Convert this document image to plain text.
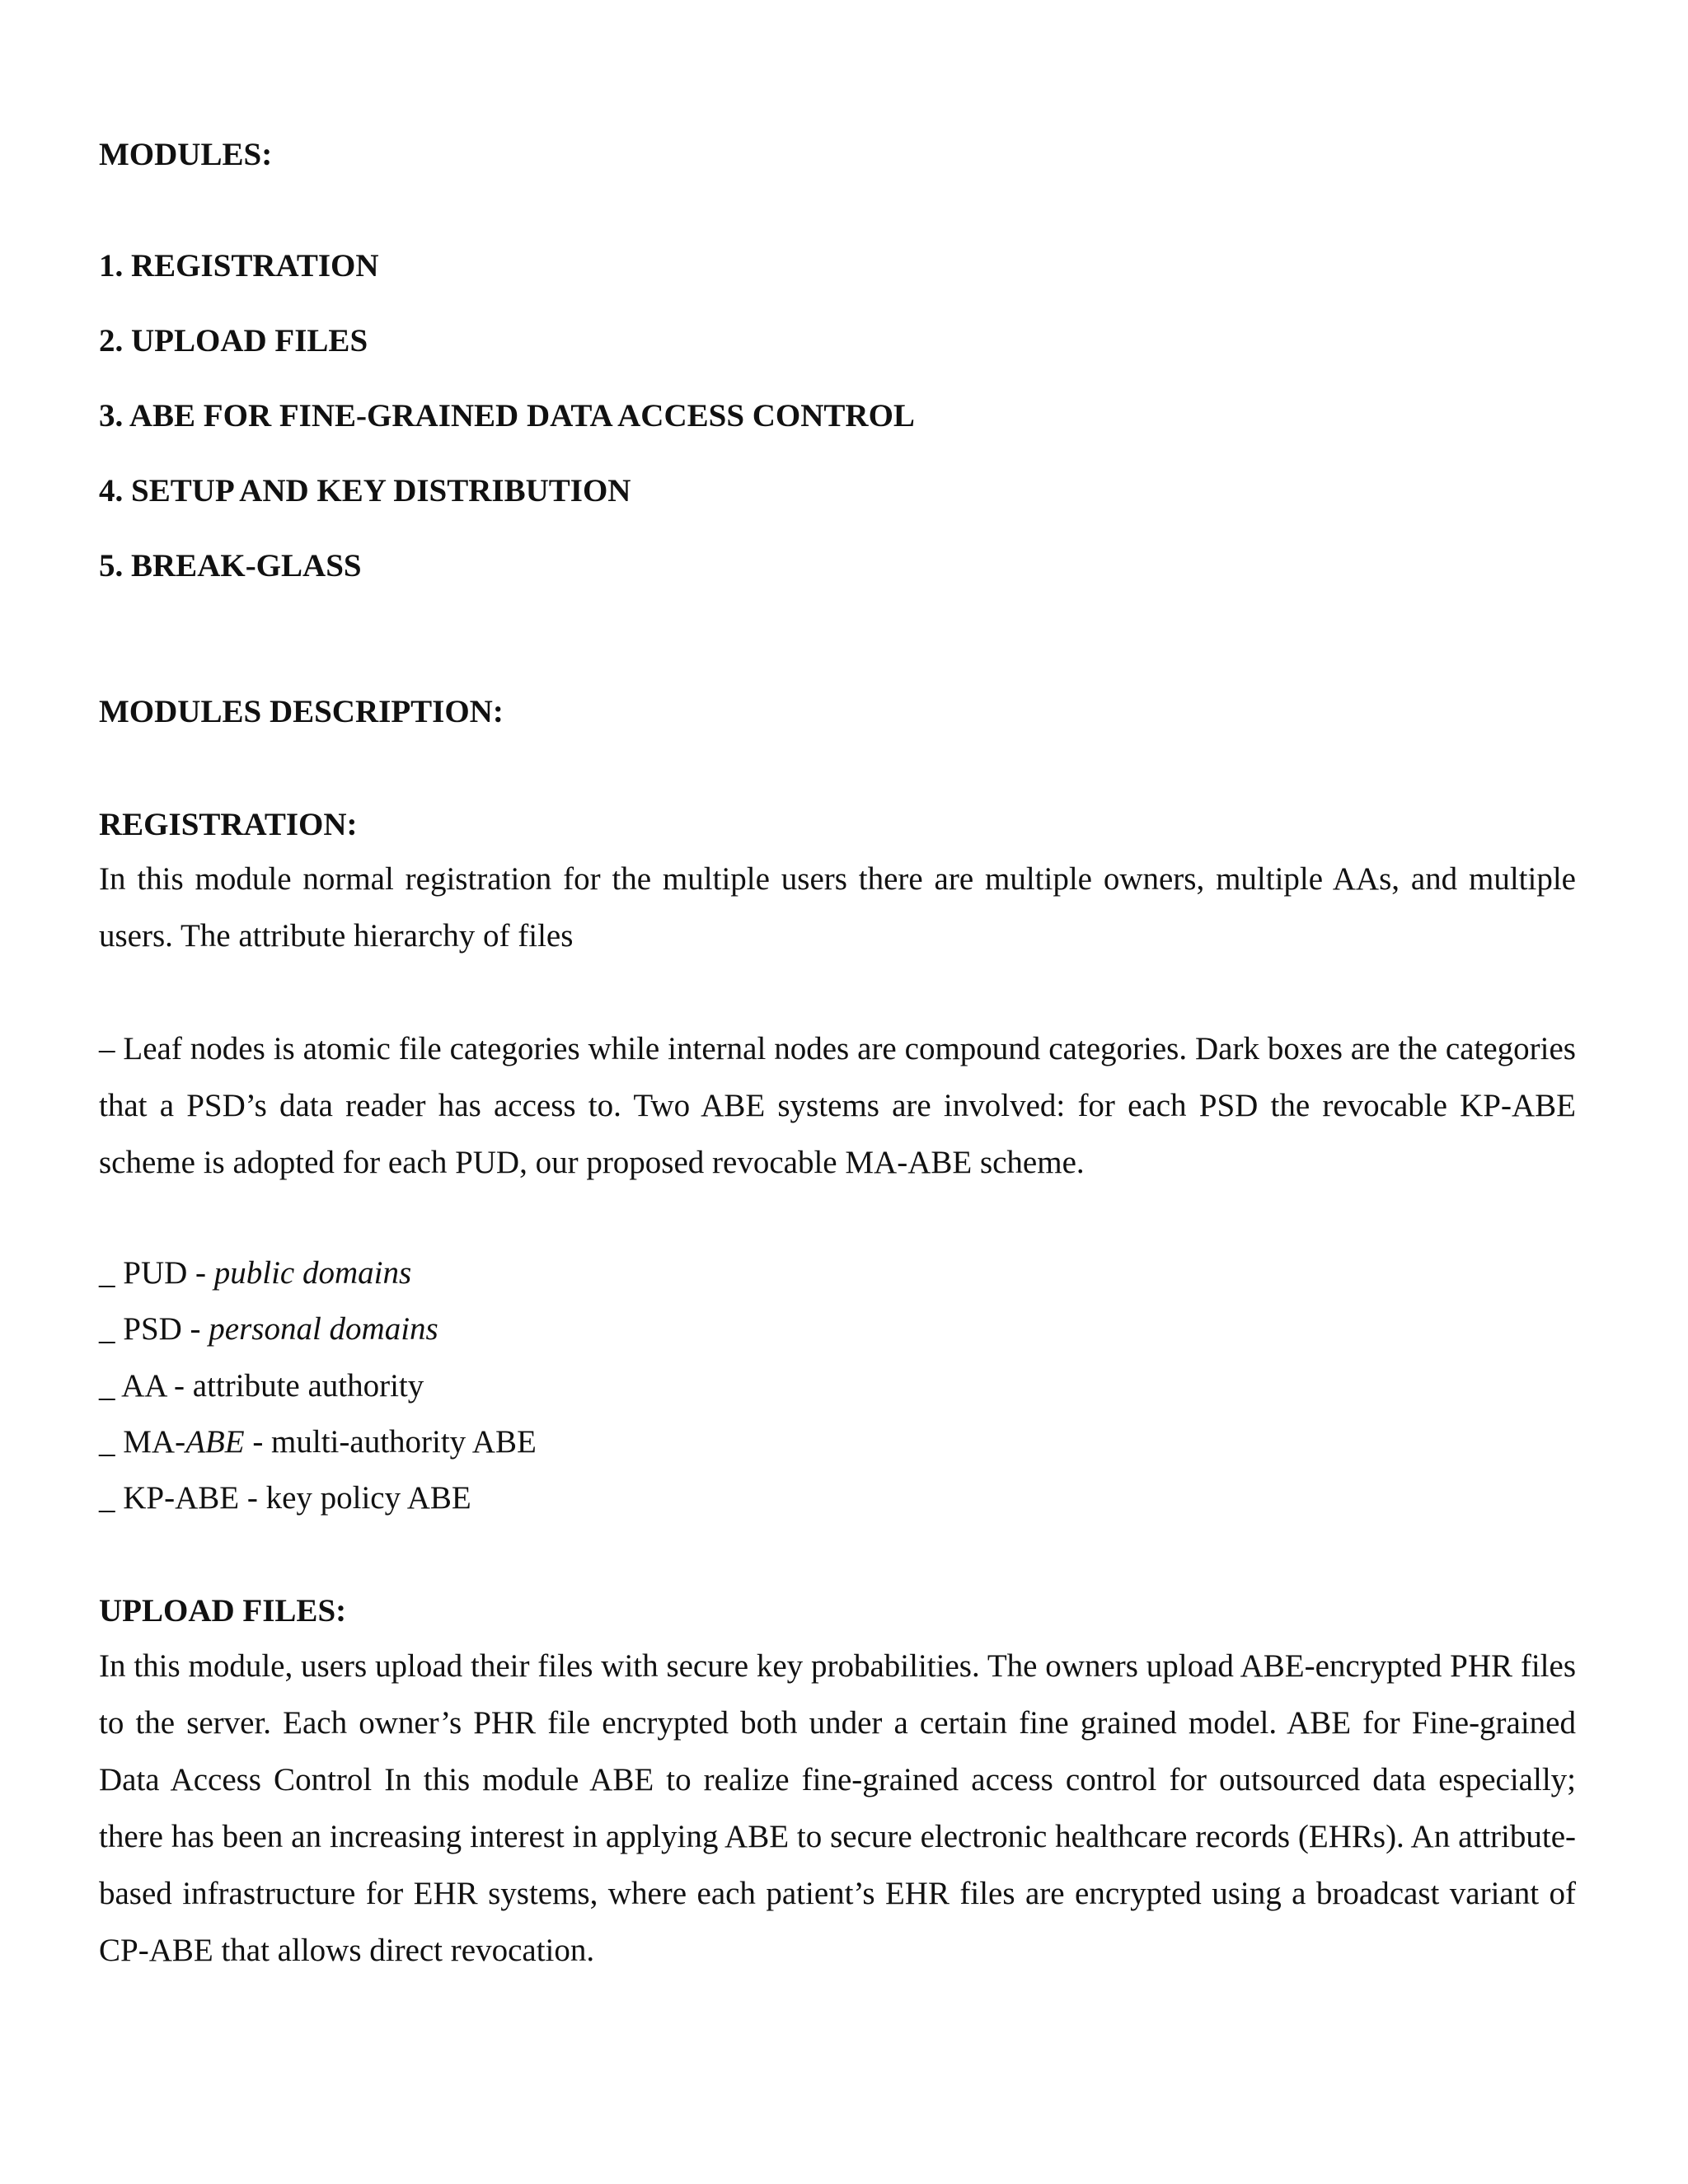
MODULES:

1. REGISTRATION

2. UPLOAD FILES

3. ABE FOR FINE-GRAINED DATA ACCESS CONTROL

4. SETUP AND KEY DISTRIBUTION

5. BREAK-GLASS

MODULES DESCRIPTION:

REGISTRATION:

In this module normal registration for the multiple users there are multiple owners, multiple AAs, and multiple users. The attribute hierarchy of files

– Leaf nodes is atomic file categories while internal nodes are compound categories. Dark boxes are the categories that a PSD’s data reader has access to. Two ABE systems are involved: for each PSD the revocable KP-ABE scheme is adopted for each PUD, our proposed revocable MA-ABE scheme.

_ PUD - public domains

_ PSD - personal domains

_ AA - attribute authority

_ MA-ABE - multi-authority ABE

_ KP-ABE - key policy ABE

UPLOAD FILES:

In this module, users upload their files with secure key probabilities. The owners upload ABE-encrypted PHR files to the server. Each owner’s PHR file encrypted both under a certain fine grained model. ABE for Fine-grained Data Access Control In this module ABE to realize fine-grained access control for outsourced data especially; there has been an increasing interest in applying ABE to secure electronic healthcare records (EHRs). An attribute-based infrastructure for EHR systems, where each patient’s EHR files are encrypted using a broadcast variant of CP-ABE that allows direct revocation.
